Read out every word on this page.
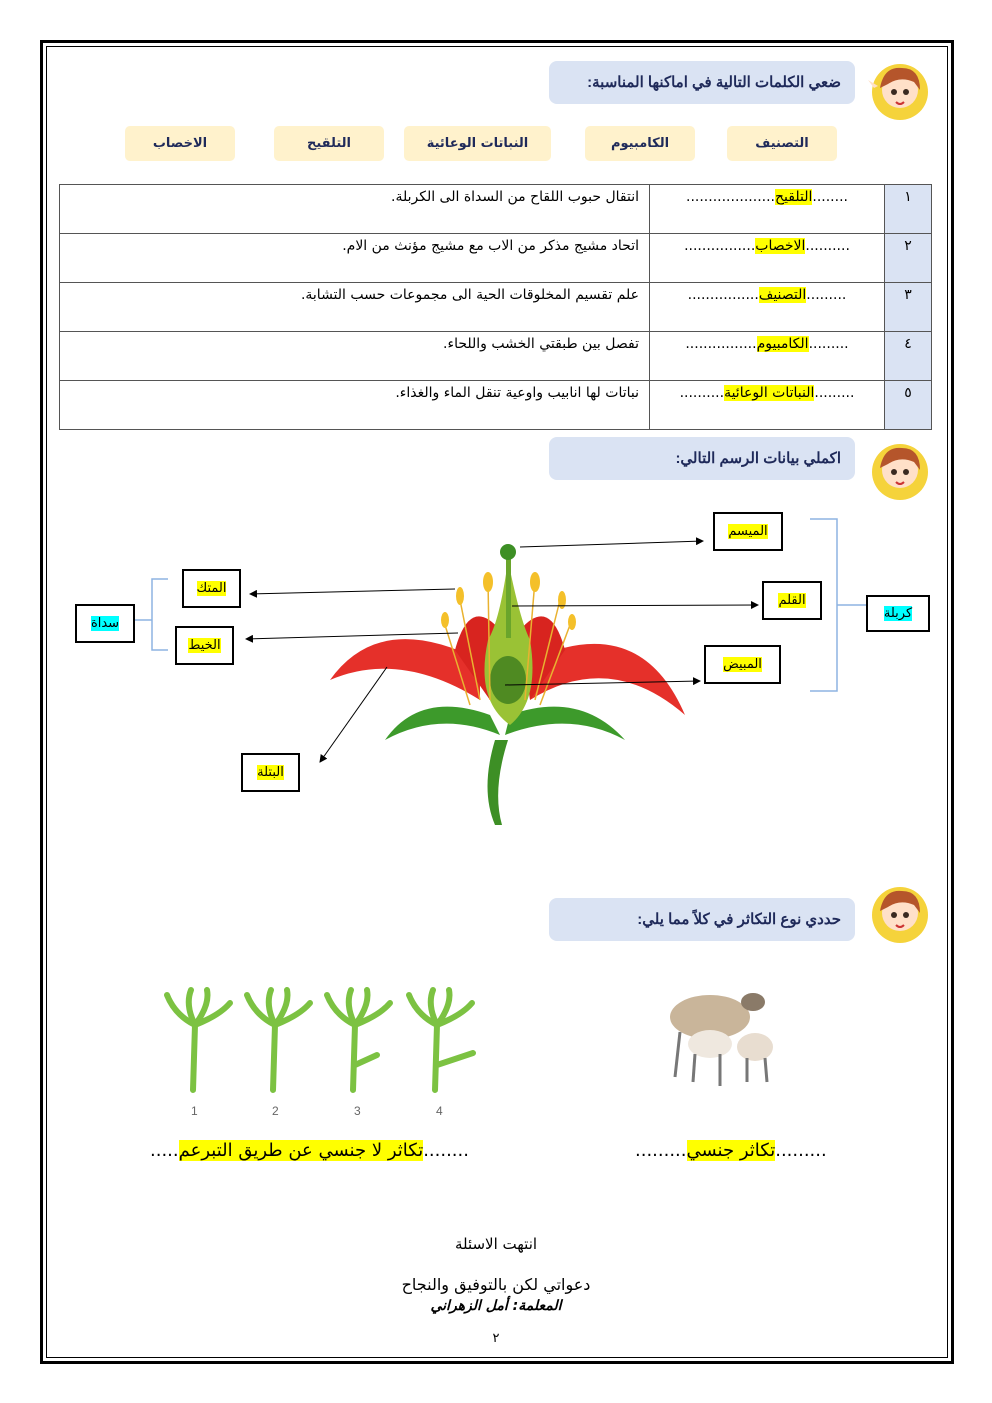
ضعي الكلمات التالية في اماكنها المناسبة:
التصنيف
الكامبيوم
النباتات الوعائية
التلقيح
الاخصاب
١	........التلقيح....................	انتقال حبوب اللقاح من السداة الى الكربلة.
٢	..........الاخصاب................	اتحاد مشيج مذكر من الاب مع مشيج مؤنث من الام.
٣	.........التصنيف................	علم تقسيم المخلوقات الحية الى مجموعات حسب التشابة.
٤	.........الكامبيوم................	تفصل بين طبقتي الخشب واللحاء.
٥	.........النباتات الوعائية..........	نباتات لها انابيب واوعية تنقل الماء والغذاء.
اكملي بيانات الرسم التالي:
الميسم
القلم
المبيض
كربلة
المتك
الخيط
سداة
البتلة
حددي نوع التكاثر في كلاً مما يلي:
1	2	3	4
........تكاثر لا جنسي عن طريق التبرعم.....	.........تكاثر جنسي.........
انتهت الاسئلة
دعواتي لكن بالتوفيق والنجاح
المعلمة: أمل الزهراني
٢
